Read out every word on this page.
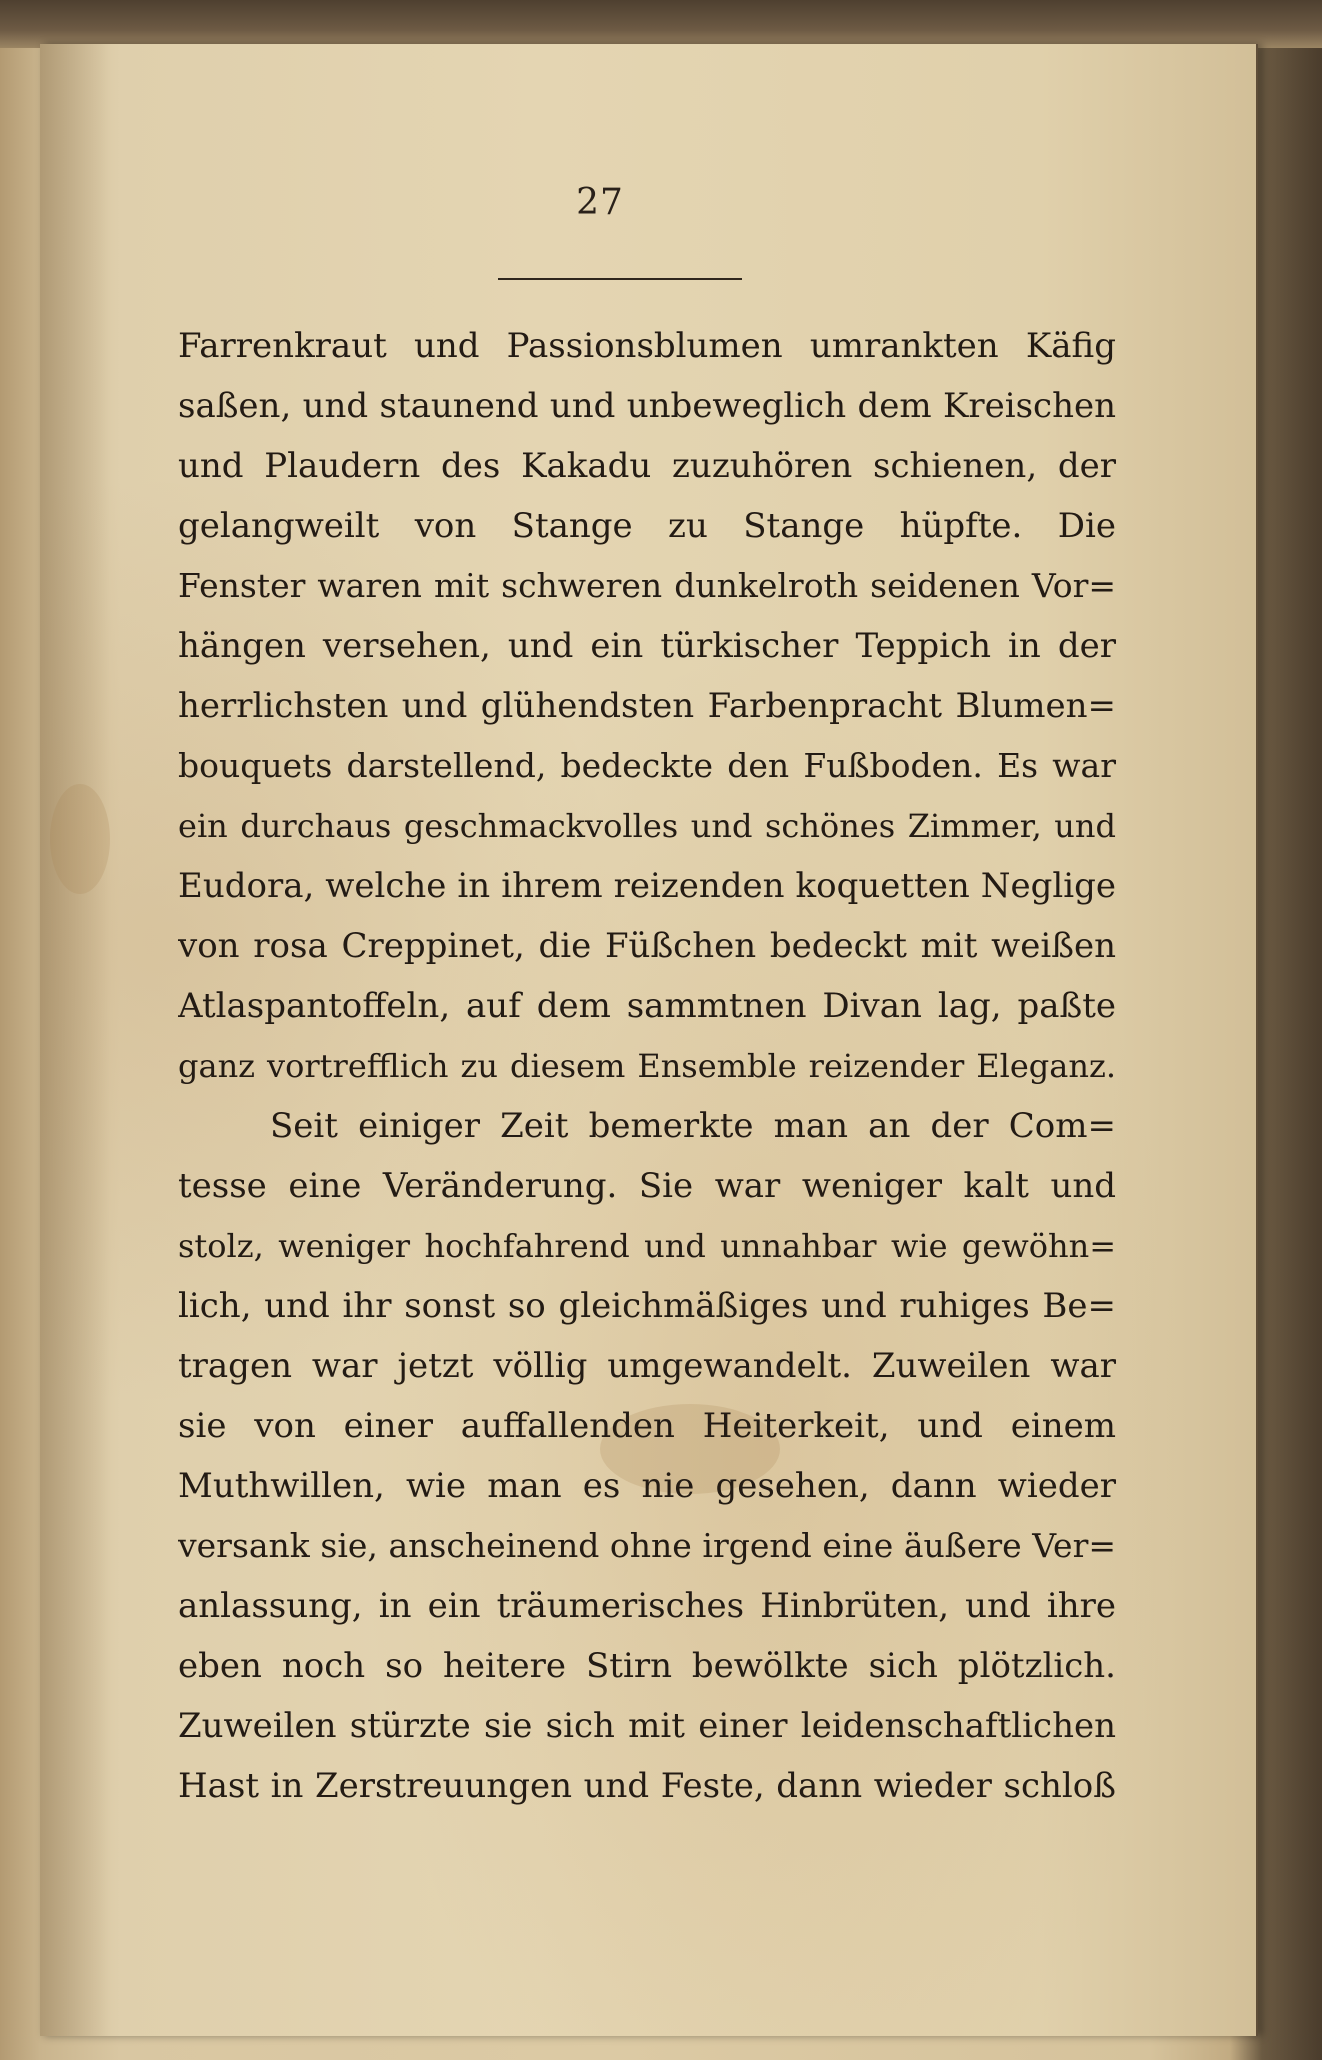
27

Farrenkraut und Passionsblumen umrankten Käfig
saßen, und staunend und unbeweglich dem Kreischen
und Plaudern des Kakadu zuzuhören schienen, der
gelangweilt von Stange zu Stange hüpfte. Die
Fenster waren mit schweren dunkelroth seidenen Vor=
hängen versehen, und ein türkischer Teppich in der
herrlichsten und glühendsten Farbenpracht Blumen=
bouquets darstellend, bedeckte den Fußboden. Es war
ein durchaus geschmackvolles und schönes Zimmer, und
Eudora, welche in ihrem reizenden koquetten Neglige
von rosa Creppinet, die Füßchen bedeckt mit weißen
Atlaspantoffeln, auf dem sammtnen Divan lag, paßte
ganz vortrefflich zu diesem Ensemble reizender Eleganz.
Seit einiger Zeit bemerkte man an der Com=
tesse eine Veränderung. Sie war weniger kalt und
stolz, weniger hochfahrend und unnahbar wie gewöhn=
lich, und ihr sonst so gleichmäßiges und ruhiges Be=
tragen war jetzt völlig umgewandelt. Zuweilen war
sie von einer auffallenden Heiterkeit, und einem
Muthwillen, wie man es nie gesehen, dann wieder
versank sie, anscheinend ohne irgend eine äußere Ver=
anlassung, in ein träumerisches Hinbrüten, und ihre
eben noch so heitere Stirn bewölkte sich plötzlich.
Zuweilen stürzte sie sich mit einer leidenschaftlichen
Hast in Zerstreuungen und Feste, dann wieder schloß
